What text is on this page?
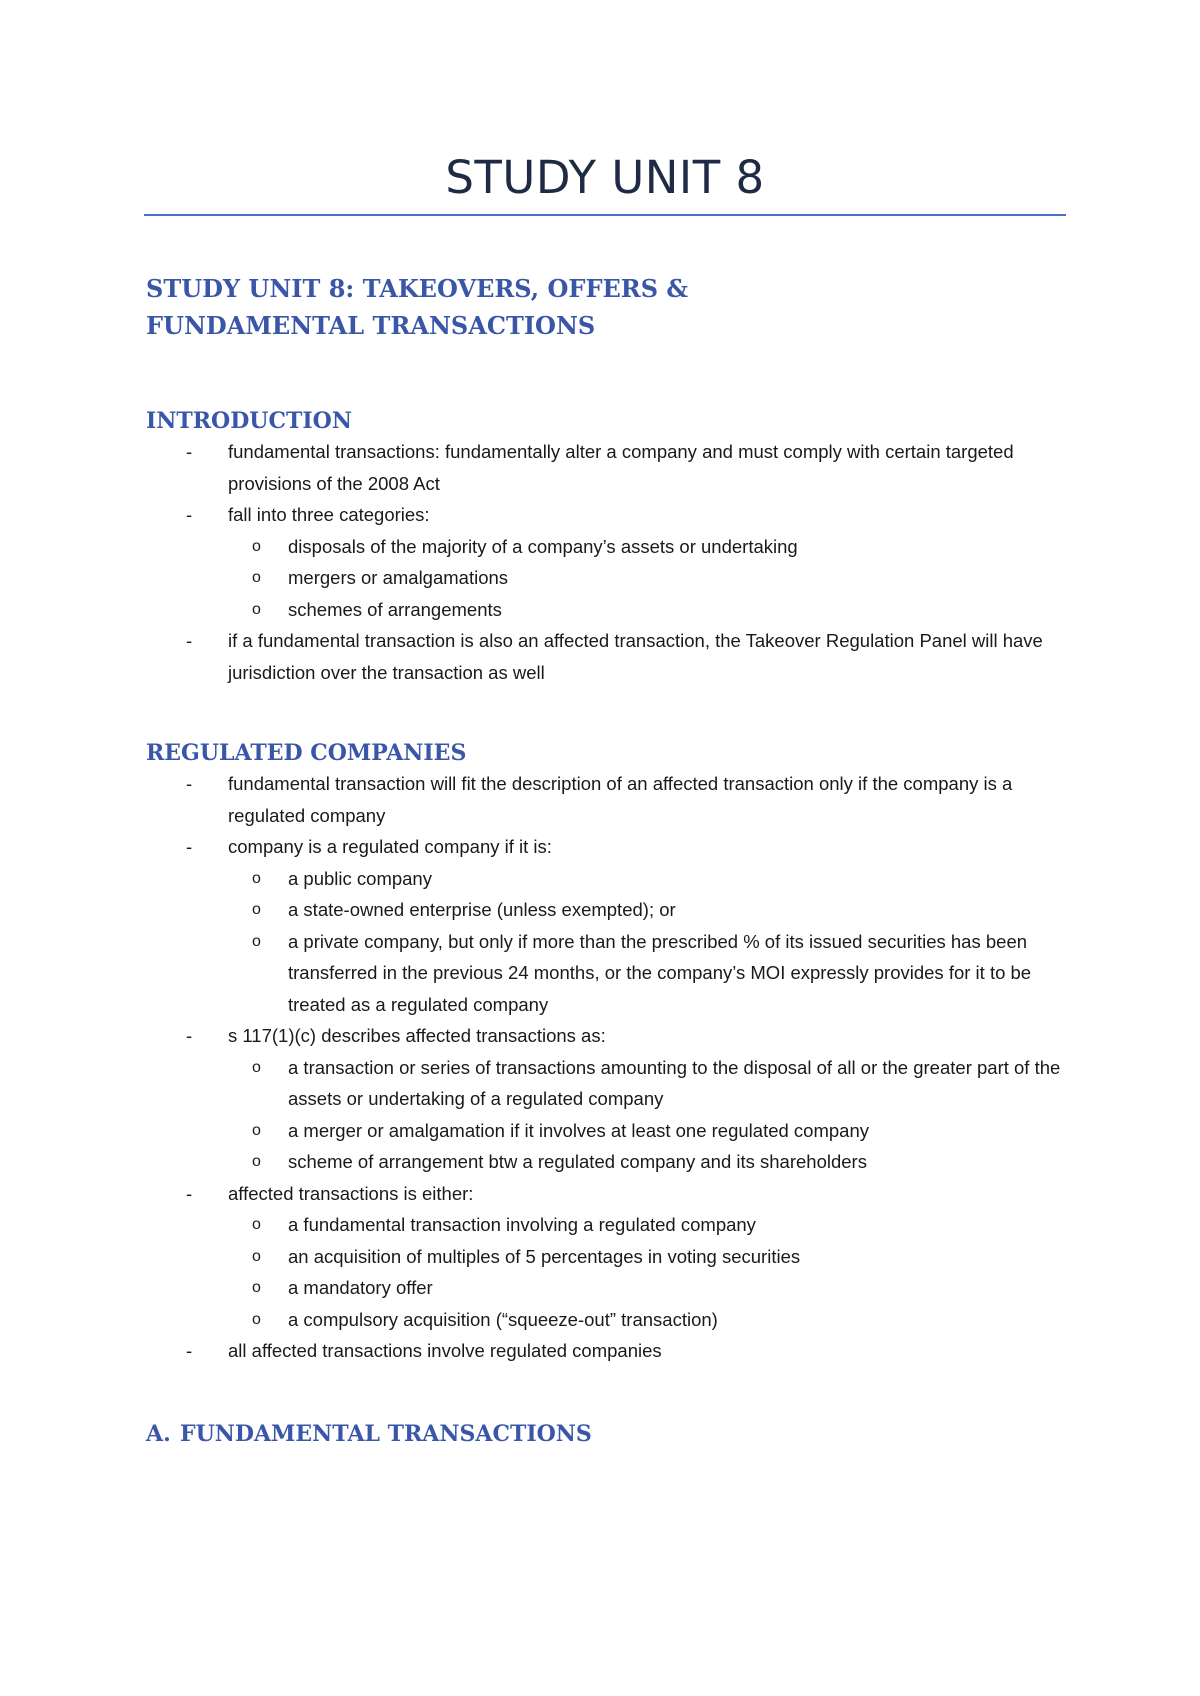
STUDY UNIT 8
STUDY UNIT 8: TAKEOVERS, OFFERS & FUNDAMENTAL TRANSACTIONS
INTRODUCTION
-	fundamental transactions: fundamentally alter a company and must comply with certain targeted provisions of the 2008 Act
-	fall into three categories:
o	disposals of the majority of a company’s assets or undertaking
o	mergers or amalgamations
o	schemes of arrangements
-	if a fundamental transaction is also an affected transaction, the Takeover Regulation Panel will have jurisdiction over the transaction as well
REGULATED COMPANIES
-	fundamental transaction will fit the description of an affected transaction only if the company is a regulated company
-	company is a regulated company if it is:
o	a public company
o	a state-owned enterprise (unless exempted); or
o	a private company, but only if more than the prescribed % of its issued securities has been transferred in the previous 24 months, or the company’s MOI expressly provides for it to be treated as a regulated company
-	s 117(1)(c) describes affected transactions as:
o	a transaction or series of transactions amounting to the disposal of all or the greater part of the assets or undertaking of a regulated company
o	a merger or amalgamation if it involves at least one regulated company
o	scheme of arrangement btw a regulated company and its shareholders
-	affected transactions is either:
o	a fundamental transaction involving a regulated company
o	an acquisition of multiples of 5 percentages in voting securities
o	a mandatory offer
o	a compulsory acquisition (“squeeze-out” transaction)
-	all affected transactions involve regulated companies
A. FUNDAMENTAL TRANSACTIONS
